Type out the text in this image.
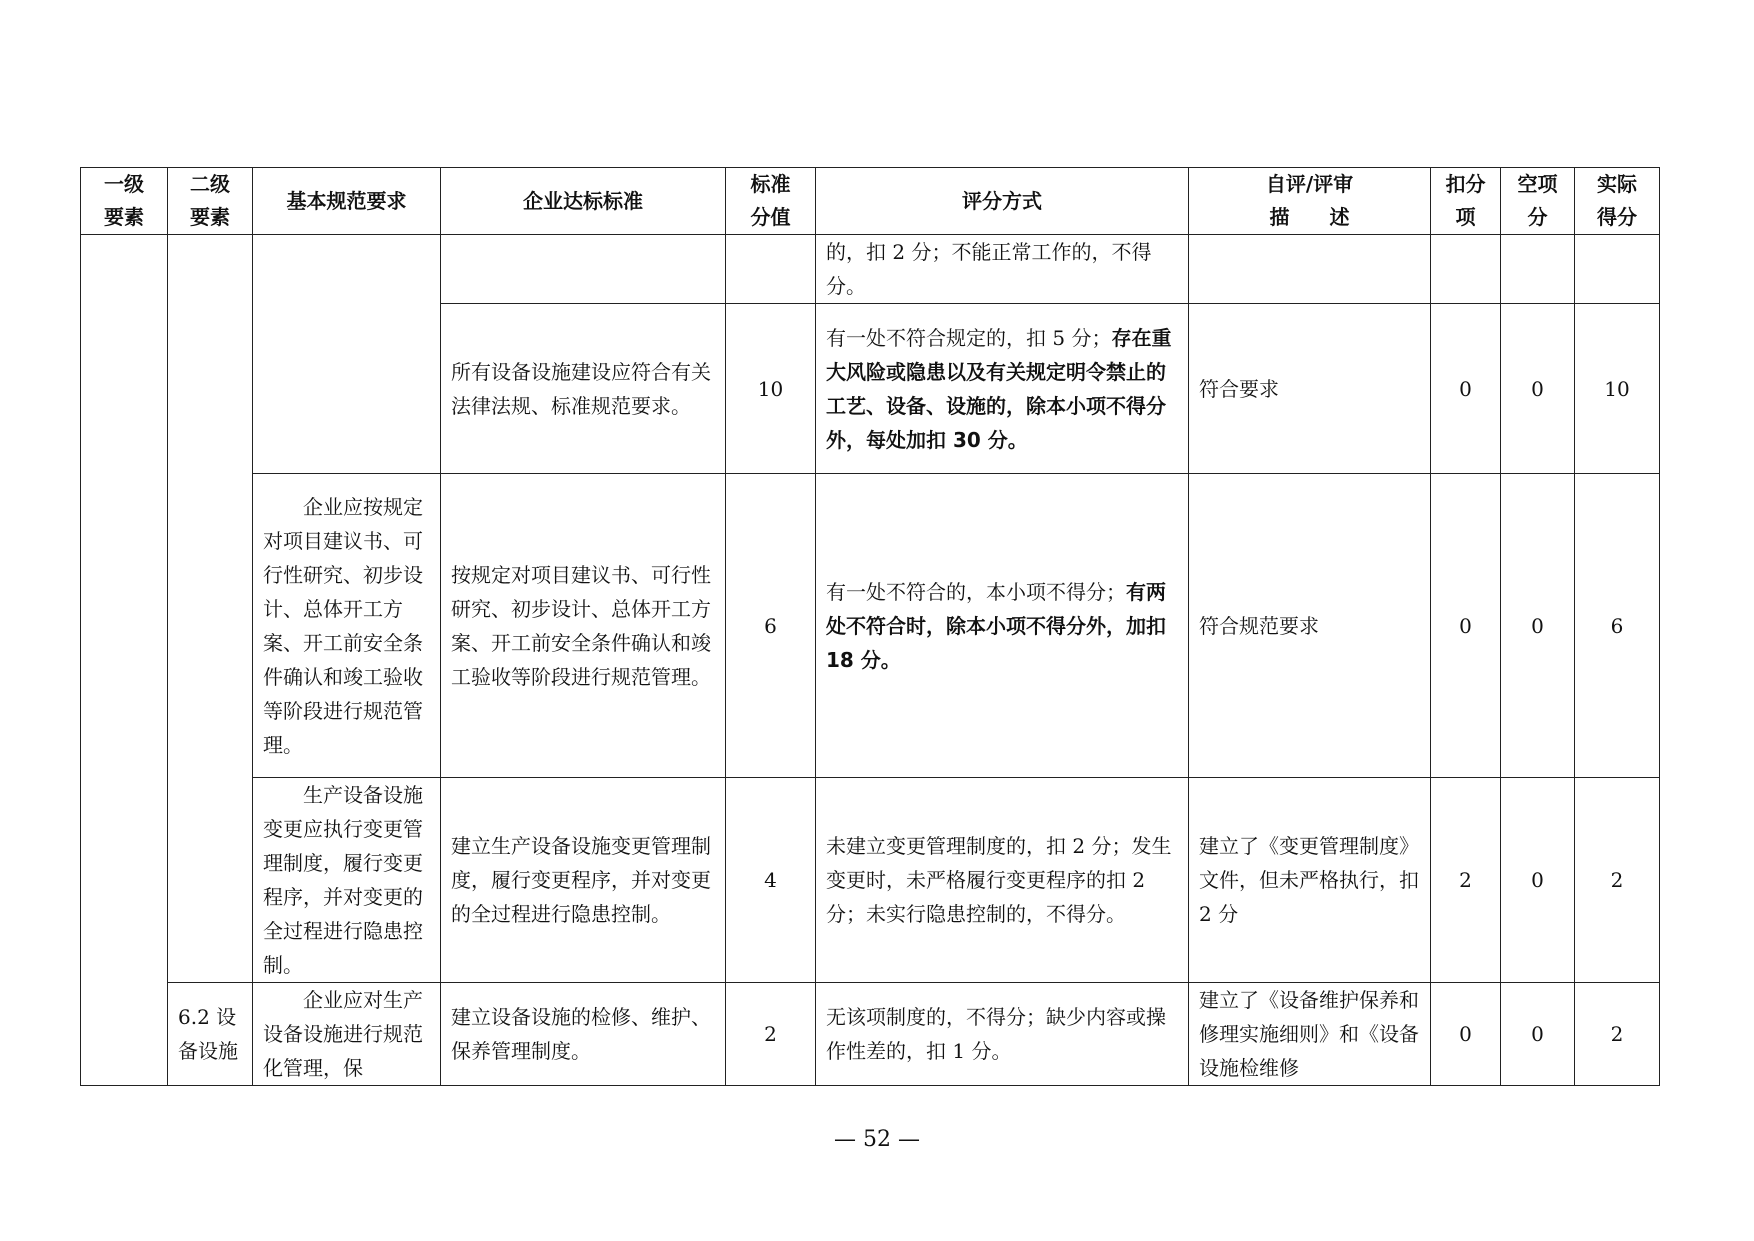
一级要素	二级要素	基本规范要求	企业达标标准	标准分值	评分方式	自评/评审描　　述	扣分项	空项分	实际得分
					的，扣 2 分；不能正常工作的，不得分。				
			所有设备设施建设应符合有关法律法规、标准规范要求。	10	有一处不符合规定的，扣 5 分；存在重大风险或隐患以及有关规定明令禁止的工艺、设备、设施的，除本小项不得分外，每处加扣 30 分。	符合要求	0	0	10
		企业应按规定对项目建议书、可行性研究、初步设计、总体开工方案、开工前安全条件确认和竣工验收等阶段进行规范管理。	按规定对项目建议书、可行性研究、初步设计、总体开工方案、开工前安全条件确认和竣工验收等阶段进行规范管理。	6	有一处不符合的，本小项不得分；有两处不符合时，除本小项不得分外，加扣 18 分。	符合规范要求	0	0	6
		生产设备设施变更应执行变更管理制度，履行变更程序，并对变更的全过程进行隐患控制。	建立生产设备设施变更管理制度，履行变更程序，并对变更的全过程进行隐患控制。	4	未建立变更管理制度的，扣 2 分；发生变更时，未严格履行变更程序的扣 2 分；未实行隐患控制的，不得分。	建立了《变更管理制度》文件，但未严格执行，扣 2 分	2	0	2
	6.2 设备设施	企业应对生产设备设施进行规范化管理，保	建立设备设施的检修、维护、保养管理制度。	2	无该项制度的，不得分；缺少内容或操作性差的，扣 1 分。	建立了《设备维护保养和修理实施细则》和《设备设施检维修	0	0	2
— 52 —
